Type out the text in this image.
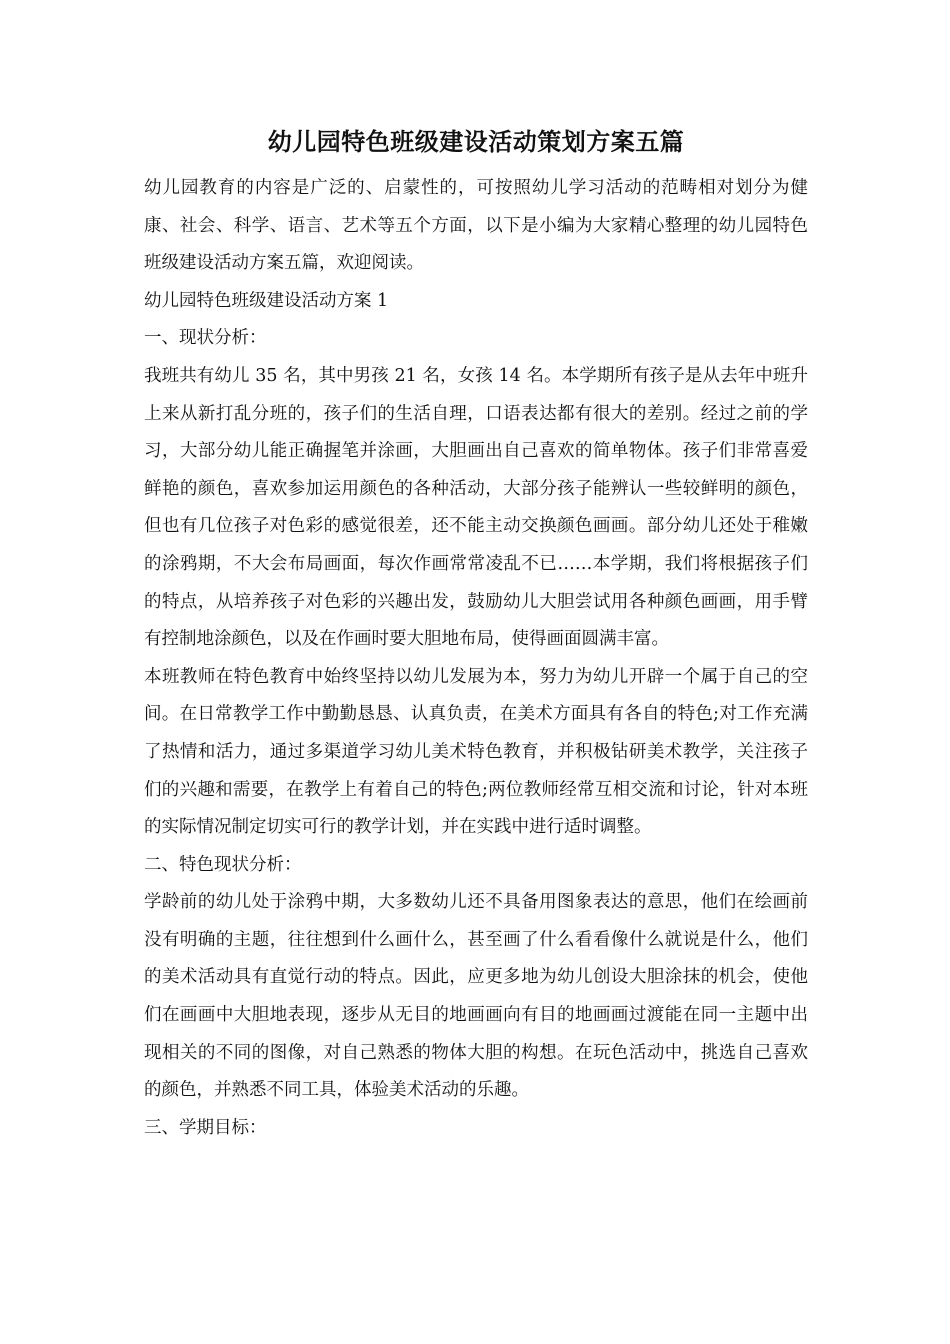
幼儿园特色班级建设活动策划方案五篇

幼儿园教育的内容是广泛的、启蒙性的，可按照幼儿学习活动的范畴相对划分为健康、社会、科学、语言、艺术等五个方面，以下是小编为大家精心整理的幼儿园特色班级建设活动方案五篇，欢迎阅读。

幼儿园特色班级建设活动方案 1

一、现状分析：

我班共有幼儿 35 名，其中男孩 21 名，女孩 14 名。本学期所有孩子是从去年中班升上来从新打乱分班的，孩子们的生活自理，口语表达都有很大的差别。经过之前的学习，大部分幼儿能正确握笔并涂画，大胆画出自己喜欢的简单物体。孩子们非常喜爱鲜艳的颜色，喜欢参加运用颜色的各种活动，大部分孩子能辨认一些较鲜明的颜色，但也有几位孩子对色彩的感觉很差，还不能主动交换颜色画画。部分幼儿还处于稚嫩的涂鸦期，不大会布局画面，每次作画常常凌乱不已……本学期，我们将根据孩子们的特点，从培养孩子对色彩的兴趣出发，鼓励幼儿大胆尝试用各种颜色画画，用手臂有控制地涂颜色，以及在作画时要大胆地布局，使得画面圆满丰富。

本班教师在特色教育中始终坚持以幼儿发展为本，努力为幼儿开辟一个属于自己的空间。在日常教学工作中勤勤恳恳、认真负责，在美术方面具有各自的特色;对工作充满了热情和活力，通过多渠道学习幼儿美术特色教育，并积极钻研美术教学，关注孩子们的兴趣和需要，在教学上有着自己的特色;两位教师经常互相交流和讨论，针对本班的实际情况制定切实可行的教学计划，并在实践中进行适时调整。

二、特色现状分析：

学龄前的幼儿处于涂鸦中期，大多数幼儿还不具备用图象表达的意思，他们在绘画前没有明确的主题，往往想到什么画什么，甚至画了什么看看像什么就说是什么，他们的美术活动具有直觉行动的特点。因此，应更多地为幼儿创设大胆涂抹的机会，使他们在画画中大胆地表现，逐步从无目的地画画向有目的地画画过渡能在同一主题中出现相关的不同的图像，对自己熟悉的物体大胆的构想。在玩色活动中，挑选自己喜欢的颜色，并熟悉不同工具，体验美术活动的乐趣。

三、学期目标：
